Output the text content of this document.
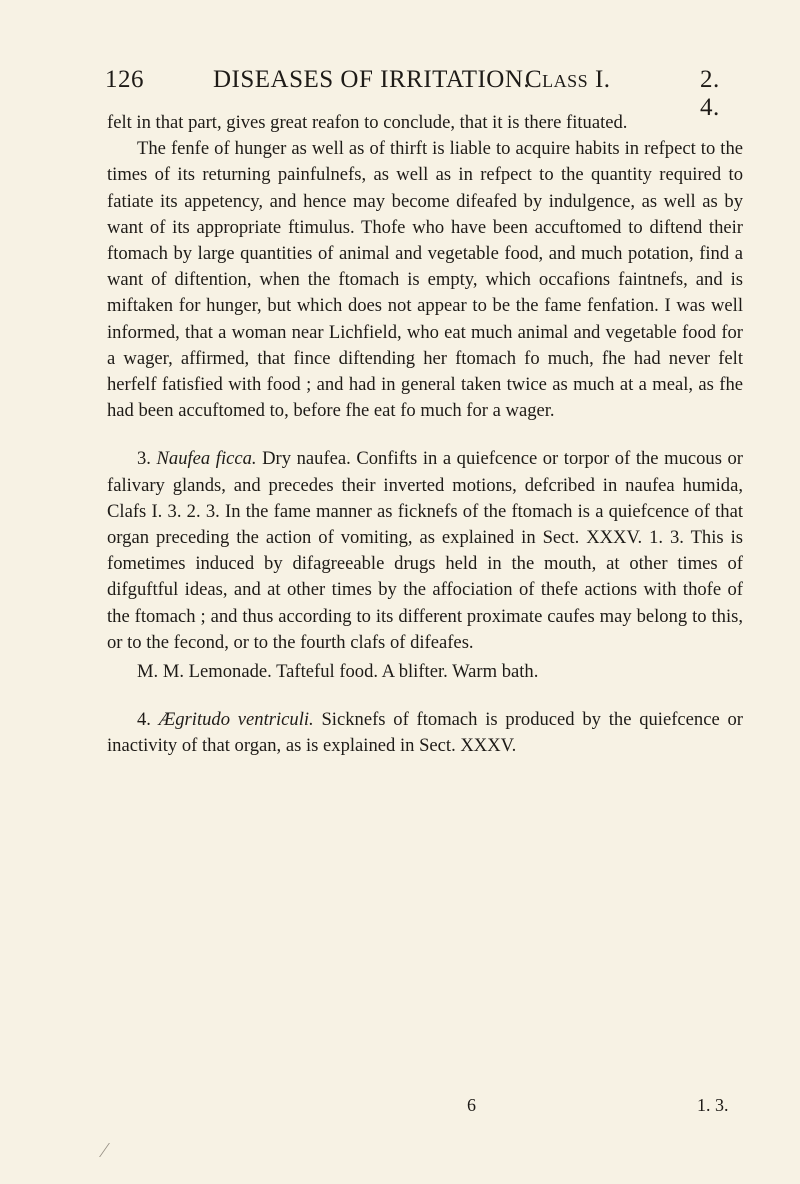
126	DISEASES OF IRRITATION.
Class I.	2. 4.

felt in that part, gives great reafon to conclude, that it is there fituated.

The fenfe of hunger as well as of thirft is liable to acquire habits in refpect to the times of its returning painfulnefs, as well as in refpect to the quantity required to fatiate its appetency, and hence may become difeafed by indulgence, as well as by want of its appropriate ftimulus. Thofe who have been accuftomed to diftend their ftomach by large quantities of animal and vegetable food, and much potation, find a want of diftention, when the ftomach is empty, which occafions faintnefs, and is miftaken for hunger, but which does not appear to be the fame fenfation. I was well informed, that a woman near Lichfield, who eat much animal and vegetable food for a wager, affirmed, that fince diftending her ftomach fo much, fhe had never felt herfelf fatisfied with food ; and had in general taken twice as much at a meal, as fhe had been accuftomed to, before fhe eat fo much for a wager.

3. Naufea ficca. Dry naufea. Confifts in a quiefcence or torpor of the mucous or falivary glands, and precedes their inverted motions, defcribed in naufea humida, Clafs I. 3. 2. 3. In the fame manner as ficknefs of the ftomach is a quiefcence of that organ preceding the action of vomiting, as explained in Sect. XXXV. 1. 3. This is fometimes induced by difagreeable drugs held in the mouth, at other times of difguftful ideas, and at other times by the affociation of thefe actions with thofe of the ftomach ; and thus according to its different proximate caufes may belong to this, or to the fecond, or to the fourth clafs of difeafes.

M. M. Lemonade. Tafteful food. A blifter. Warm bath.

4. Ægritudo ventriculi. Sicknefs of ftomach is produced by the quiefcence or inactivity of that organ, as is explained in Sect. XXXV.

6	1. 3.
